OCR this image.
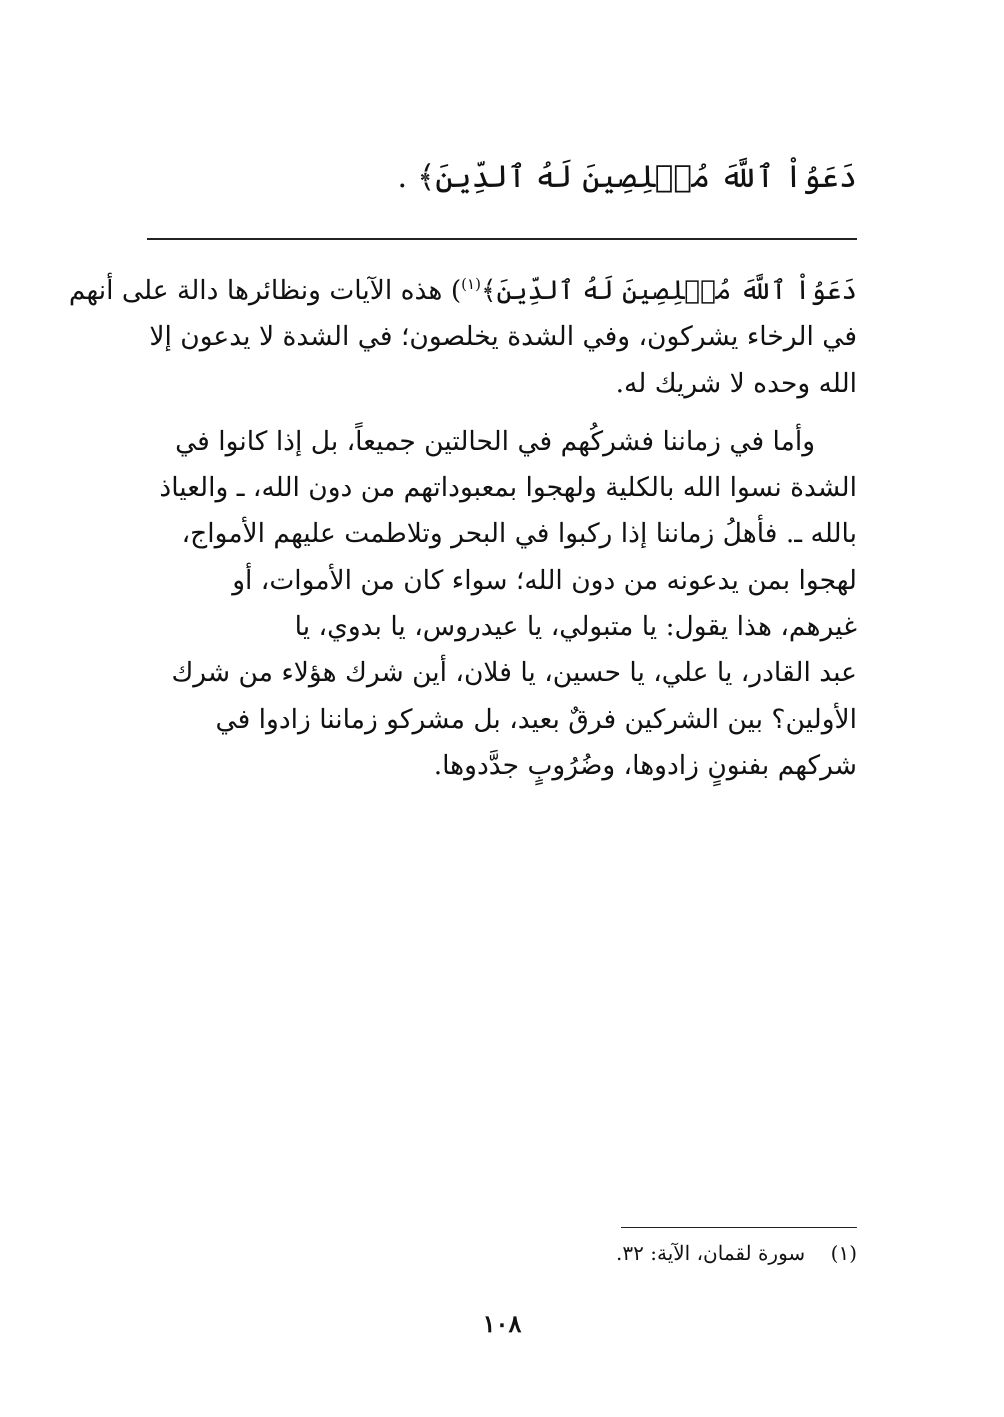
دَعَوُاْ ٱللَّهَ مُخۡلِصِينَ لَهُ ٱلدِّينَ﴾ .

دَعَوُاْ ٱللَّهَ مُخۡلِصِينَ لَهُ ٱلدِّينَ﴾$^{(١)}$) هذه الآيات ونظائرها دالة على أنهم
في الرخاء يشركون، وفي الشدة يخلصون؛ في الشدة لا يدعون إلا
الله وحده لا شريك له.

وأما في زماننا فشركُهم في الحالتين جميعاً، بل إذا كانوا في
الشدة نسوا الله بالكلية ولهجوا بمعبوداتهم من دون الله، ـ والعياذ
بالله ـ. فأهلُ زماننا إذا ركبوا في البحر وتلاطمت عليهم الأمواج،
لهجوا بمن يدعونه من دون الله؛ سواء كان من الأموات، أو
غيرهم، هذا يقول: يا متبولي، يا عيدروس، يا بدوي، يا
عبد القادر، يا علي، يا حسين، يا فلان، أين شرك هؤلاء من شرك
الأولين؟ بين الشركين فرقٌ بعيد، بل مشركو زماننا زادوا في
شركهم بفنونٍ زادوها، وضُرُوبٍ جدَّدوها.

(١)    سورة لقمان، الآية: ٣٢.
١٠٨
